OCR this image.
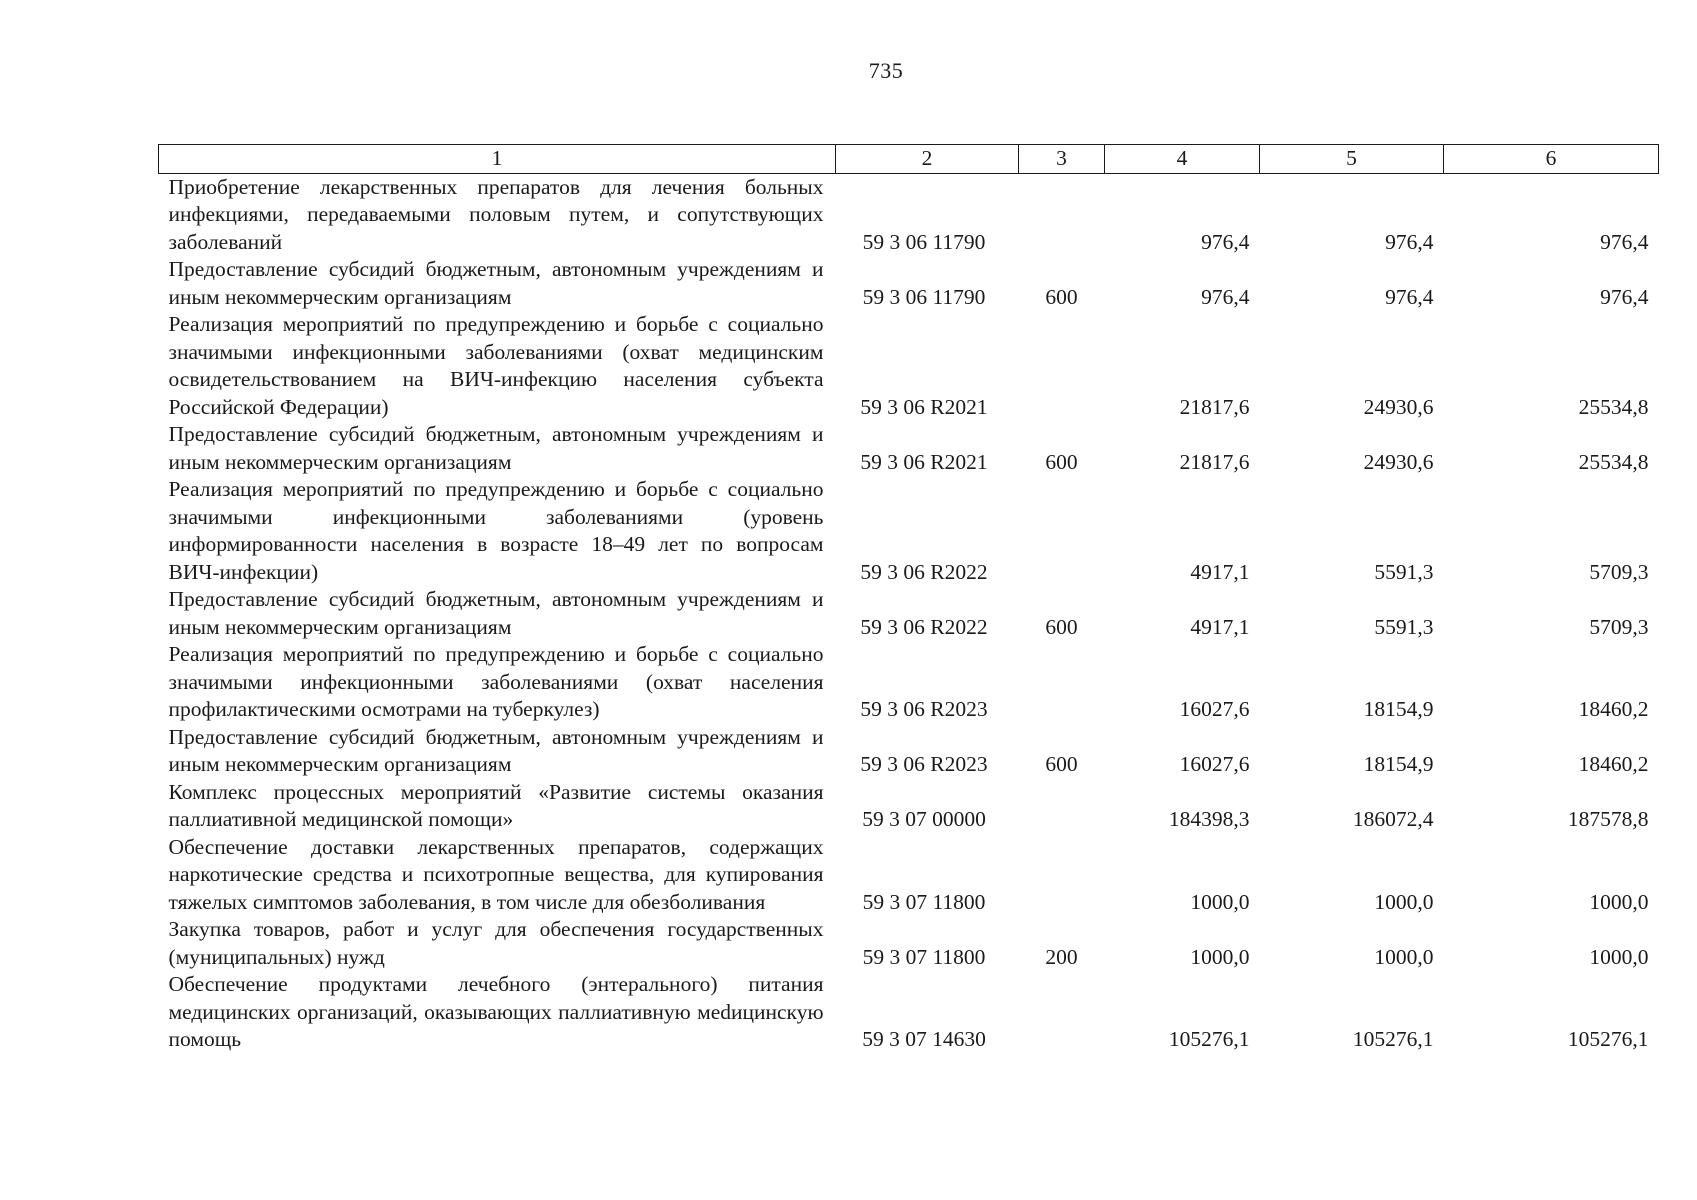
735
1	2	3	4	5	6
Приобретение лекарственных препаратов для лечения больных инфекциями, передаваемыми половым путем, и сопутствующих заболеваний	59 3 06 11790		976,4	976,4	976,4
Предоставление субсидий бюджетным, автономным учреждениям и иным некоммерческим организациям	59 3 06 11790	600	976,4	976,4	976,4
Реализация мероприятий по предупреждению и борьбе с социально значимыми инфекционными заболеваниями (охват медицинским освидетельствованием на ВИЧ-инфекцию населения субъекта Российской Федерации)	59 3 06 R2021		21817,6	24930,6	25534,8
Предоставление субсидий бюджетным, автономным учреждениям и иным некоммерческим организациям	59 3 06 R2021	600	21817,6	24930,6	25534,8
Реализация мероприятий по предупреждению и борьбе с социально значимыми инфекционными заболеваниями (уровень информированности населения в возрасте 18–49 лет по вопросам ВИЧ-инфекции)	59 3 06 R2022		4917,1	5591,3	5709,3
Предоставление субсидий бюджетным, автономным учреждениям и иным некоммерческим организациям	59 3 06 R2022	600	4917,1	5591,3	5709,3
Реализация мероприятий по предупреждению и борьбе с социально значимыми инфекционными заболеваниями (охват населения профилактическими осмотрами на туберкулез)	59 3 06 R2023		16027,6	18154,9	18460,2
Предоставление субсидий бюджетным, автономным учреждениям и иным некоммерческим организациям	59 3 06 R2023	600	16027,6	18154,9	18460,2
Комплекс процессных мероприятий «Развитие системы оказания паллиативной медицинской помощи»	59 3 07 00000		184398,3	186072,4	187578,8
Обеспечение доставки лекарственных препаратов, содержащих наркотические средства и психотропные вещества, для купирования тяжелых симптомов заболевания, в том числе для обезболивания	59 3 07 11800		1000,0	1000,0	1000,0
Закупка товаров, работ и услуг для обеспечения государственных (муниципальных) нужд	59 3 07 11800	200	1000,0	1000,0	1000,0
Обеспечение продуктами лечебного (энтерального) питания медицинских организаций, оказывающих паллиативную меdицинскую помощь	59 3 07 14630		105276,1	105276,1	105276,1
